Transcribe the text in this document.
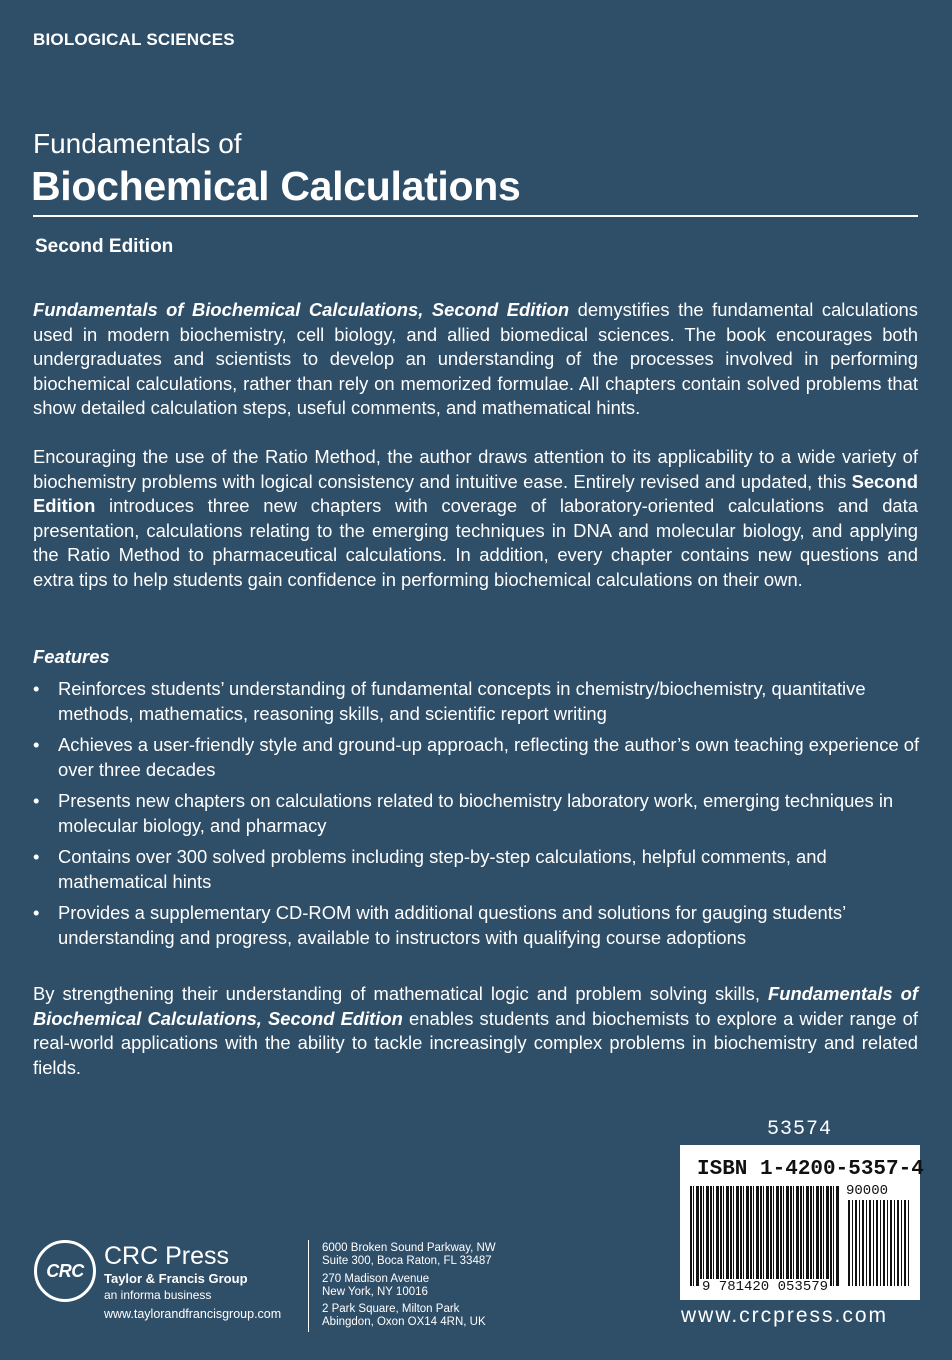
BIOLOGICAL SCIENCES
Fundamentals of
Biochemical Calculations
Second Edition
Fundamentals of Biochemical Calculations, Second Edition demystifies the fundamental calculations used in modern biochemistry, cell biology, and allied biomedical sciences. The book encourages both undergraduates and scientists to develop an understanding of the processes involved in performing biochemical calculations, rather than rely on memorized formulae. All chapters contain solved problems that show detailed calculation steps, useful comments, and mathematical hints.
Encouraging the use of the Ratio Method, the author draws attention to its applicability to a wide variety of biochemistry problems with logical consistency and intuitive ease. Entirely revised and updated, this Second Edition introduces three new chapters with coverage of laboratory-oriented calculations and data presentation, calculations relating to the emerging techniques in DNA and molecular biology, and applying the Ratio Method to pharmaceutical calculations. In addition, every chapter contains new questions and extra tips to help students gain confidence in performing biochemical calculations on their own.
Features
• Reinforces students’ understanding of fundamental concepts in chemistry/biochemistry, quantitative methods, mathematics, reasoning skills, and scientific report writing
• Achieves a user-friendly style and ground-up approach, reflecting the author’s own teaching experience of over three decades
• Presents new chapters on calculations related to biochemistry laboratory work, emerging techniques in molecular biology, and pharmacy
• Contains over 300 solved problems including step-by-step calculations, helpful comments, and mathematical hints
• Provides a supplementary CD-ROM with additional questions and solutions for gauging students’ understanding and progress, available to instructors with qualifying course adoptions
By strengthening their understanding of mathematical logic and problem solving skills, Fundamentals of Biochemical Calculations, Second Edition enables students and biochemists to explore a wider range of real-world applications with the ability to tackle increasingly complex problems in biochemistry and related fields.
53574
ISBN 1-4200-5357-4
90000
9 781420 053579
www.crcpress.com
CRC
CRC Press
Taylor & Francis Group
an informa business
www.taylorandfrancisgroup.com
6000 Broken Sound Parkway, NW
Suite 300, Boca Raton, FL 33487
270 Madison Avenue
New York, NY 10016
2 Park Square, Milton Park
Abingdon, Oxon OX14 4RN, UK
